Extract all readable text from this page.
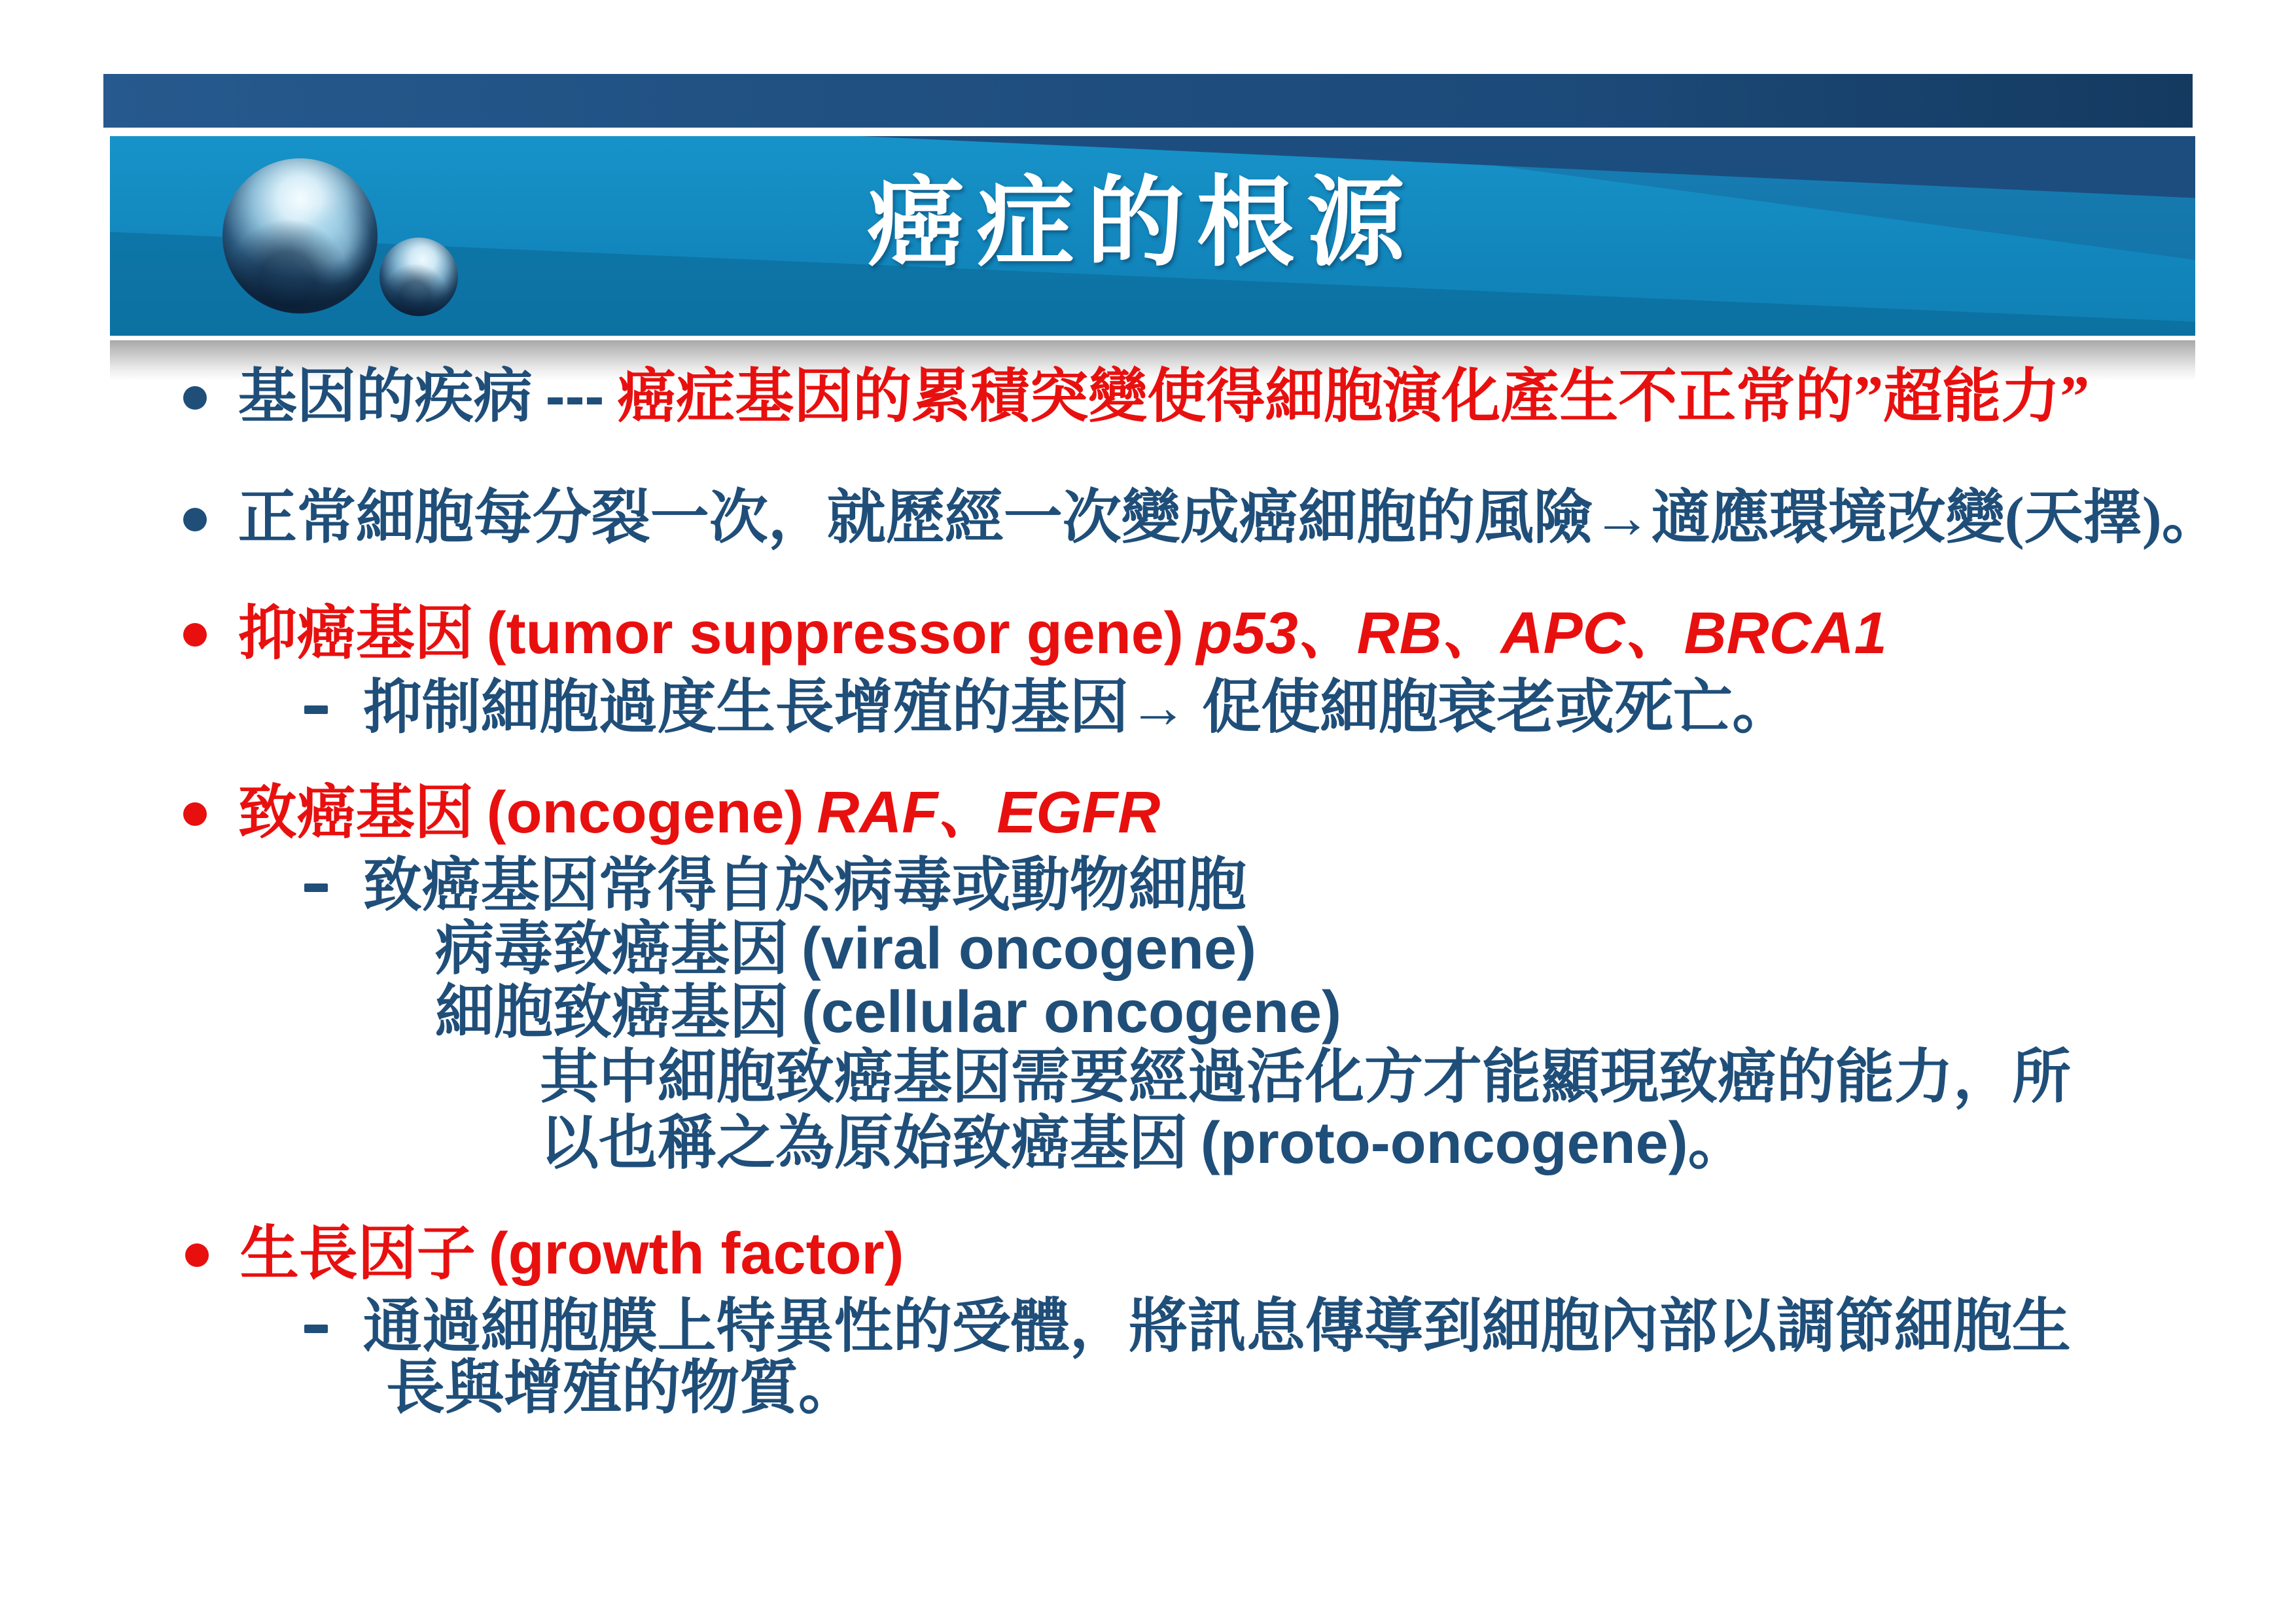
癌症的根源
基因的疾病 --- 癌症基因的累積突變使得細胞演化產生不正常的”超能力”
正常細胞每分裂一次，就歷經一次變成癌細胞的風險→適應環境改變(天擇)。
抑癌基因 (tumor suppressor gene) p53、RB、APC、BRCA1
抑制細胞過度生長增殖的基因→ 促使細胞衰老或死亡。
致癌基因 (oncogene) RAF、EGFR
致癌基因常得自於病毒或動物細胞
病毒致癌基因 (viral oncogene)
細胞致癌基因 (cellular oncogene)
其中細胞致癌基因需要經過活化方才能顯現致癌的能力，所
以也稱之為原始致癌基因 (proto-oncogene) 。
生長因子 (growth factor)
通過細胞膜上特異性的受體，將訊息傳導到細胞內部以調節細胞生
長與增殖的物質。
